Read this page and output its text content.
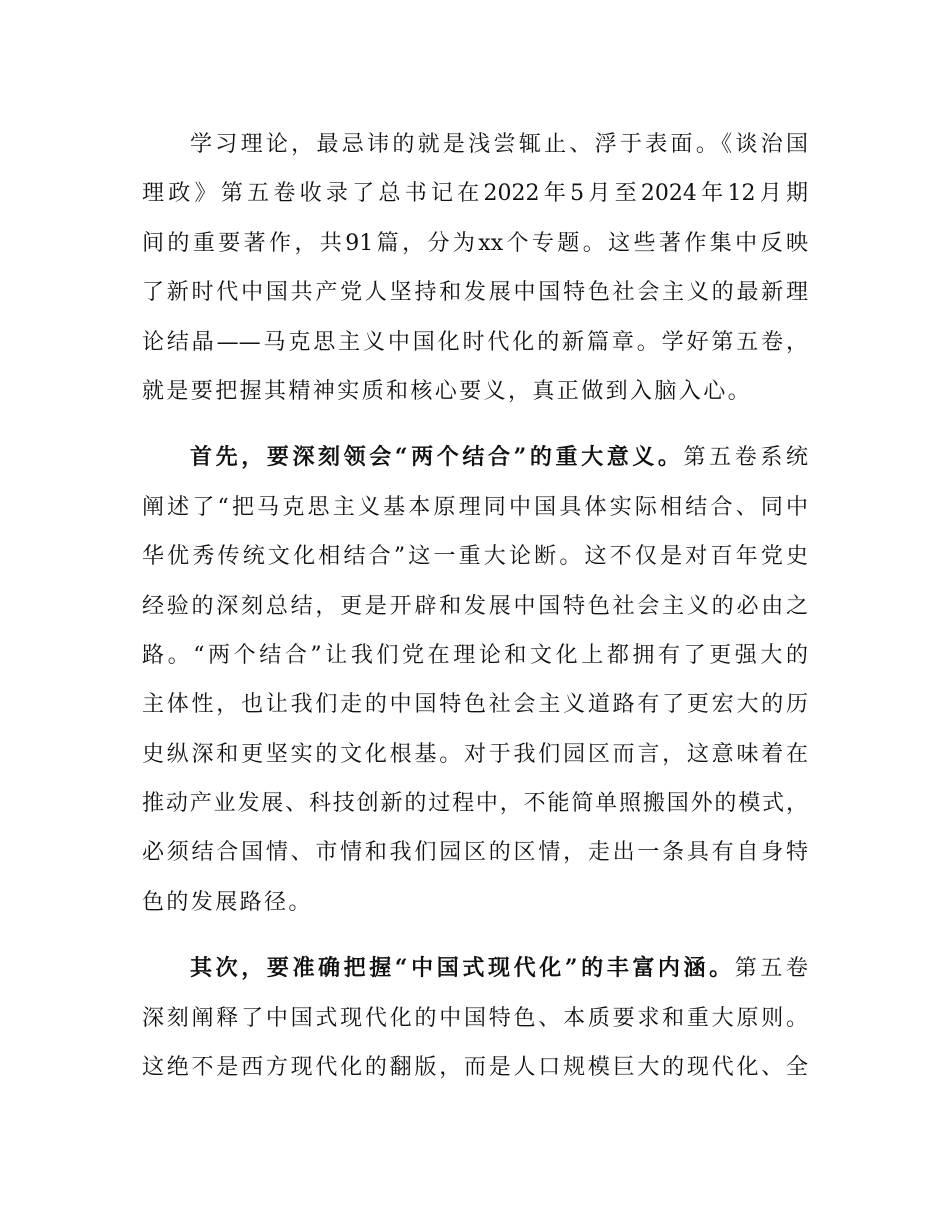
学习理论，最忌讳的就是浅尝辄止、浮于表面。《谈治国
理政》第五卷收录了总书记在2022年5月至2024年12月期
间的重要著作，共91篇，分为xx个专题。这些著作集中反映
了新时代中国共产党人坚持和发展中国特色社会主义的最新理
论结晶——马克思主义中国化时代化的新篇章。学好第五卷，
就是要把握其精神实质和核心要义，真正做到入脑入心。
首先，要深刻领会“两个结合”的重大意义。第五卷系统
阐述了“把马克思主义基本原理同中国具体实际相结合、同中
华优秀传统文化相结合”这一重大论断。这不仅是对百年党史
经验的深刻总结，更是开辟和发展中国特色社会主义的必由之
路。“两个结合”让我们党在理论和文化上都拥有了更强大的
主体性，也让我们走的中国特色社会主义道路有了更宏大的历
史纵深和更坚实的文化根基。对于我们园区而言，这意味着在
推动产业发展、科技创新的过程中，不能简单照搬国外的模式，
必须结合国情、市情和我们园区的区情，走出一条具有自身特
色的发展路径。
其次，要准确把握“中国式现代化”的丰富内涵。第五卷
深刻阐释了中国式现代化的中国特色、本质要求和重大原则。
这绝不是西方现代化的翻版，而是人口规模巨大的现代化、全
